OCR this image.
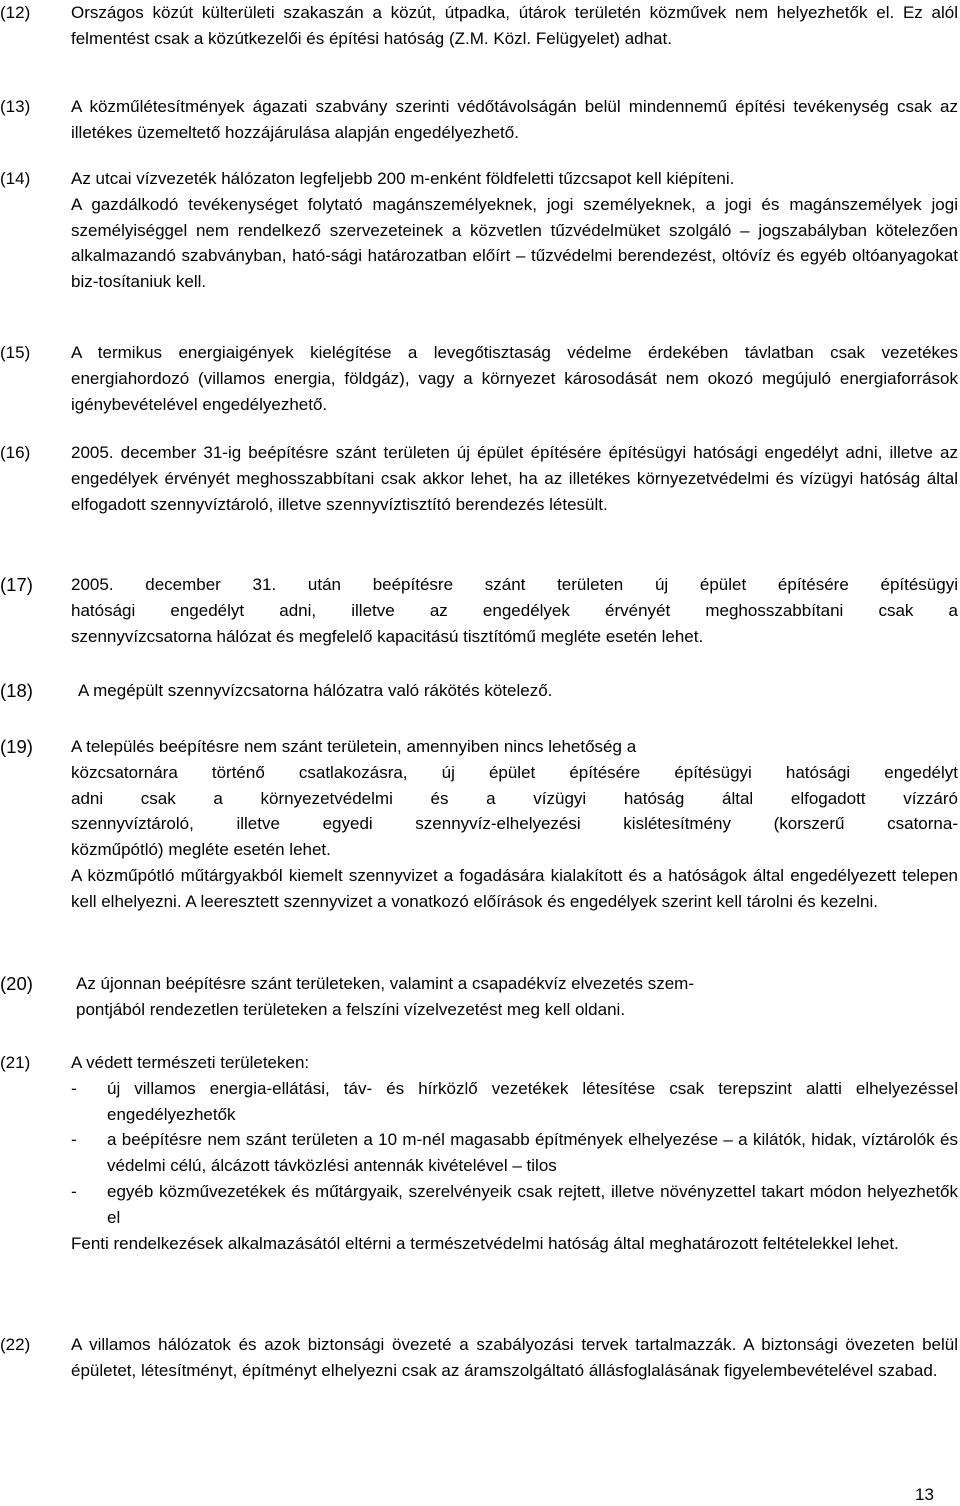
(12) Országos közút külterületi szakaszán a közút, útpadka, útárok területén közművek nem helyezhetők el. Ez alól felmentést csak a közútkezelői és építési hatóság (Z.M. Közl. Felügyelet) adhat.

(13) A közműlétesítmények ágazati szabvány szerinti védőtávolságán belül mindennemű építési tevékenység csak az illetékes üzemeltető hozzájárulása alapján engedélyezhető.

(14) Az utcai vízvezeték hálózaton legfeljebb 200 m-enként földfeletti tűzcsapot kell kiépíteni.

A gazdálkodó tevékenységet folytató magánszemélyeknek, jogi személyeknek, a jogi és magánszemélyek jogi személyiséggel nem rendelkező szervezeteinek a közvetlen tűzvédelmüket szolgáló – jogszabályban kötelezően alkalmazandó szabványban, ható-sági határozatban előírt – tűzvédelmi berendezést, oltóvíz és egyéb oltóanyagokat biz-tosítaniuk kell.

(15) A termikus energiaigények kielégítése a levegőtisztaság védelme érdekében távlatban csak vezetékes energiahordozó (villamos energia, földgáz), vagy a környezet károsodását nem okozó megújuló energiaforrások igénybevételével engedélyezhető.

(16) 2005. december 31-ig beépítésre szánt területen új épület építésére építésügyi hatósági engedélyt adni, illetve az engedélyek érvényét meghosszabbítani csak akkor lehet, ha az illetékes környezetvédelmi és vízügyi hatóság által elfogadott szennyvíztároló, illetve szennyvíztisztító berendezés létesült.

(17) 2005. december 31. után beépítésre szánt területen új épület építésére építésügyi
hatósági engedélyt adni, illetve az engedélyek érvényét meghosszabbítani csak a
szennyvízcsatorna hálózat és megfelelő kapacitású tisztítómű megléte esetén lehet.
(18)	A megépült szennyvízcsatorna hálózatra való rákötés kötelező.
(19) A település beépítésre nem szánt területein, amennyiben nincs lehetőség a
közcsatornára történő csatlakozásra, új épület építésére építésügyi hatósági engedélyt
adni csak a környezetvédelmi és a vízügyi hatóság által elfogadott vízzáró
szennyvíztároló, illetve egyedi szennyvíz-elhelyezési kislétesítmény (korszerű csatorna-
közműpótló) megléte esetén lehet.

A közműpótló műtárgyakból kiemelt szennyvizet a fogadására kialakított és a hatóságok által engedélyezett telepen kell elhelyezni. A leeresztett szennyvizet a vonatkozó előírások és engedélyek szerint kell tárolni és kezelni.

(20)	Az újonnan beépítésre szánt területeken, valamint a csapadékvíz elvezetés szem-
pontjából rendezetlen területeken a felszíni vízelvezetést meg kell oldani.
(21) A védett természeti területeken:
- új villamos energia-ellátási, táv- és hírközlő vezetékek létesítése csak terepszint alatti elhelyezéssel engedélyezhetők

- a beépítésre nem szánt területen a 10 m-nél magasabb építmények elhelyezése – a kilátók, hidak, víztárolók és védelmi célú, álcázott távközlési antennák kivételével – tilos

- egyéb közművezetékek és műtárgyaik, szerelvényeik csak rejtett, illetve növényzettel takart módon helyezhetők el

Fenti rendelkezések alkalmazásától eltérni a természetvédelmi hatóság által meghatározott feltételekkel lehet.

(22) A villamos hálózatok és azok biztonsági övezeté a szabályozási tervek tartalmazzák. A biztonsági övezeten belül épületet, létesítményt, építményt elhelyezni csak az áramszolgáltató állásfoglalásának figyelembevételével szabad.

13
